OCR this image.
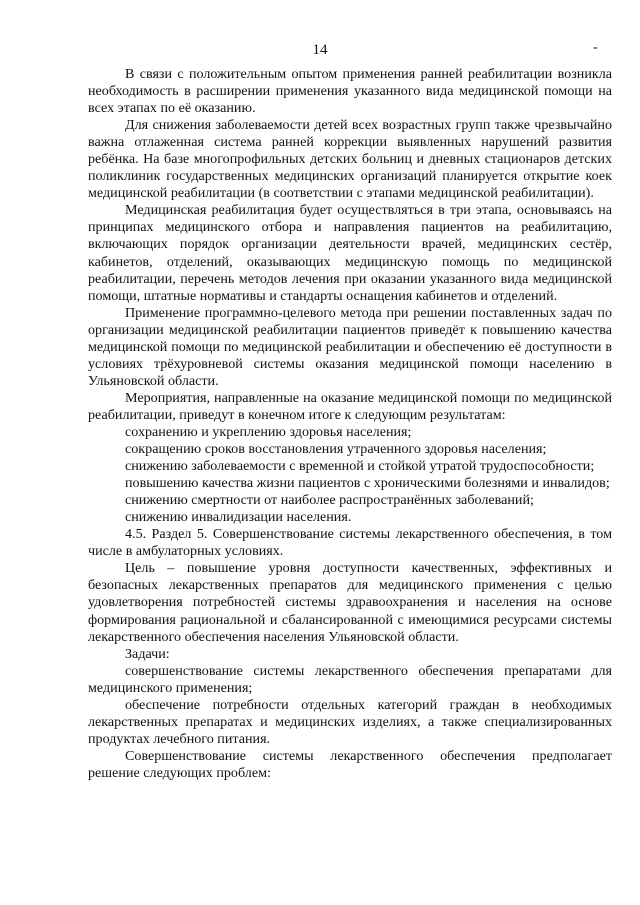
14	-

В связи с положительным опытом применения ранней реабилитации возникла необходимость в расширении применения указанного вида медицинской помощи на всех этапах по её оказанию.

Для снижения заболеваемости детей всех возрастных групп также чрезвычайно важна отлаженная система ранней коррекции выявленных нарушений развития ребёнка. На базе многопрофильных детских больниц и дневных стационаров детских поликлиник государственных медицинских организаций планируется открытие коек медицинской реабилитации (в соответствии с этапами медицинской реабилитации).

Медицинская реабилитация будет осуществляться в три этапа, основываясь на принципах медицинского отбора и направления пациентов на реабилитацию, включающих порядок организации деятельности врачей, медицинских сестёр, кабинетов, отделений, оказывающих медицинскую помощь по медицинской реабилитации, перечень методов лечения при оказании указанного вида медицинской помощи, штатные нормативы и стандарты оснащения кабинетов и отделений.

Применение программно-целевого метода при решении поставленных задач по организации медицинской реабилитации пациентов приведёт к повышению качества медицинской помощи по медицинской реабилитации и обеспечению её доступности в условиях трёхуровневой системы оказания медицинской помощи населению в Ульяновской области.

Мероприятия, направленные на оказание медицинской помощи по медицинской реабилитации, приведут в конечном итоге к следующим результатам:

сохранению и укреплению здоровья населения;

сокращению сроков восстановления утраченного здоровья населения;

снижению заболеваемости с временной и стойкой утратой трудоспособности;

повышению качества жизни пациентов с хроническими болезнями и инвалидов;

снижению смертности от наиболее распространённых заболеваний;

снижению инвалидизации населения.

4.5. Раздел 5. Совершенствование системы лекарственного обеспечения, в том числе в амбулаторных условиях.

Цель – повышение уровня доступности качественных, эффективных и безопасных лекарственных препаратов для медицинского применения с целью удовлетворения потребностей системы здравоохранения и населения на основе формирования рациональной и сбалансированной с имеющимися ресурсами системы лекарственного обеспечения населения Ульяновской области.

Задачи:

совершенствование системы лекарственного обеспечения препаратами для медицинского применения;

обеспечение потребности отдельных категорий граждан в необходимых лекарственных препаратах и медицинских изделиях, а также специализированных продуктах лечебного питания.

Совершенствование системы лекарственного обеспечения предполагает решение следующих проблем:
